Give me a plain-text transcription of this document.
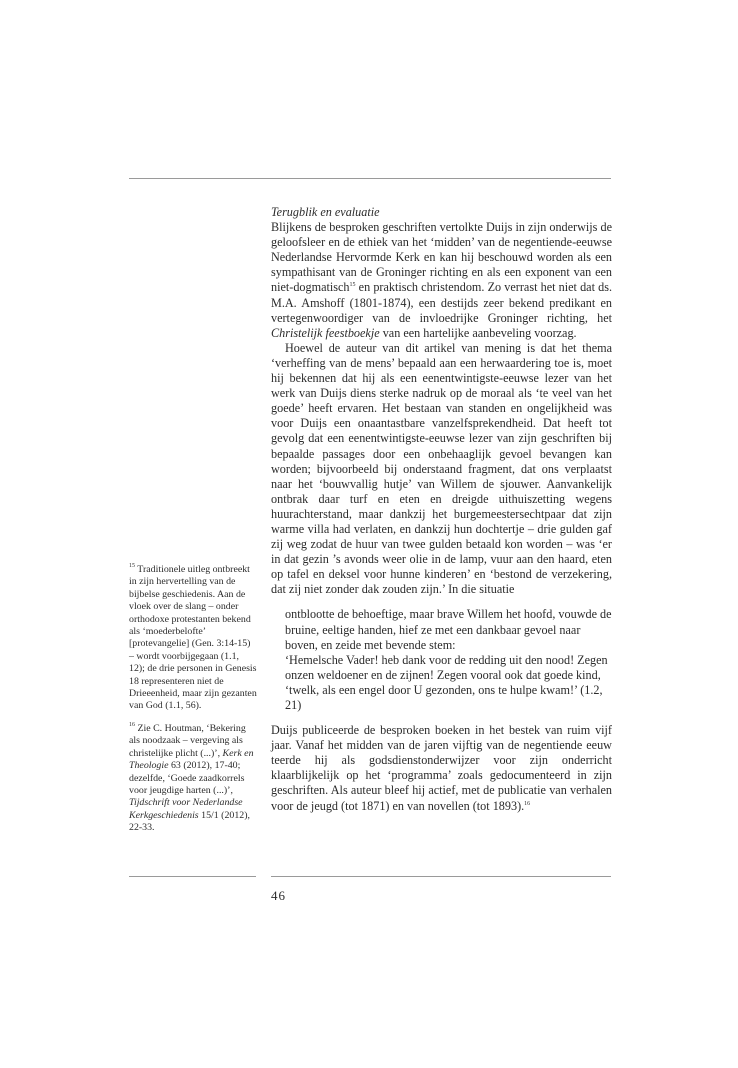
Terugblik en evaluatie

Blijkens de besproken geschriften vertolkte Duijs in zijn onderwijs de geloofsleer en de ethiek van het ‘midden’ van de negentiende-eeuwse Nederlandse Hervormde Kerk en kan hij beschouwd worden als een sympathisant van de Groninger richting en als een exponent van een niet-dogmatisch$^{15}$ en praktisch christendom. Zo verrast het niet dat ds. M.A. Amshoff (1801-1874), een destijds zeer bekend predikant en vertegenwoordiger van de invloedrijke Groninger richting, het Christelijk feestboekje van een hartelijke aanbeveling voorzag.

Hoewel de auteur van dit artikel van mening is dat het thema ‘verheffing van de mens’ bepaald aan een herwaardering toe is, moet hij bekennen dat hij als een eenentwintigste-eeuwse lezer van het werk van Duijs diens sterke nadruk op de moraal als ‘te veel van het goede’ heeft ervaren. Het bestaan van standen en ongelijkheid was voor Duijs een onaantastbare vanzelfsprekendheid. Dat heeft tot gevolg dat een eenentwintigste-eeuwse lezer van zijn geschriften bij bepaalde passages door een onbehaaglijk gevoel bevangen kan worden; bijvoorbeeld bij onderstaand fragment, dat ons verplaatst naar het ‘bouwvallig hutje’ van Willem de sjouwer. Aanvankelijk ontbrak daar turf en eten en dreigde uithuiszetting wegens huurachterstand, maar dankzij het burgemeestersechtpaar dat zijn warme villa had verlaten, en dankzij hun dochtertje – drie gulden gaf zij weg zodat de huur van twee gulden betaald kon worden – was ‘er in dat gezin ’s avonds weer olie in de lamp, vuur aan den haard, eten op tafel en deksel voor hunne kinderen’ en ‘bestond de verzekering, dat zij niet zonder dak zouden zijn.’ In die situatie

ontblootte de behoeftige, maar brave Willem het hoofd, vouwde de bruine, eeltige handen, hief ze met een dankbaar gevoel naar boven, en zeide met bevende stem:
‘Hemelsche Vader! heb dank voor de redding uit den nood! Zegen onzen weldoener en de zijnen! Zegen vooral ook dat goede kind, ‘twelk, als een engel door U gezonden, ons te hulpe kwam!’ (1.2, 21)

Duijs publiceerde de besproken boeken in het bestek van ruim vijf jaar. Vanaf het midden van de jaren vijftig van de negentiende eeuw teerde hij als godsdienstonderwijzer voor zijn onderricht klaarblijkelijk op het ‘programma’ zoals gedocumenteerd in zijn geschriften. Als auteur bleef hij actief, met de publicatie van verhalen voor de jeugd (tot 1871) en van novellen (tot 1893).$^{16}$

$^{15}$ Traditionele uitleg ontbreekt in zijn hervertelling van de bijbelse geschiedenis. Aan de vloek over de slang – onder orthodoxe protestanten bekend als ‘moederbelofte’ [protevangelie] (Gen. 3:14-15) – wordt voorbijgegaan (1.1, 12); de drie personen in Genesis 18 representeren niet de Drieeenheid, maar zijn gezanten van God (1.1, 56).

$^{16}$ Zie C. Houtman, ‘Bekering als noodzaak – vergeving als christelijke plicht (...)’, Kerk en Theologie 63 (2012), 17-40; dezelfde, ‘Goede zaadkorrels voor jeugdige harten (...)’, Tijdschrift voor Nederlandse Kerkgeschiedenis 15/1 (2012), 22-33.

46
